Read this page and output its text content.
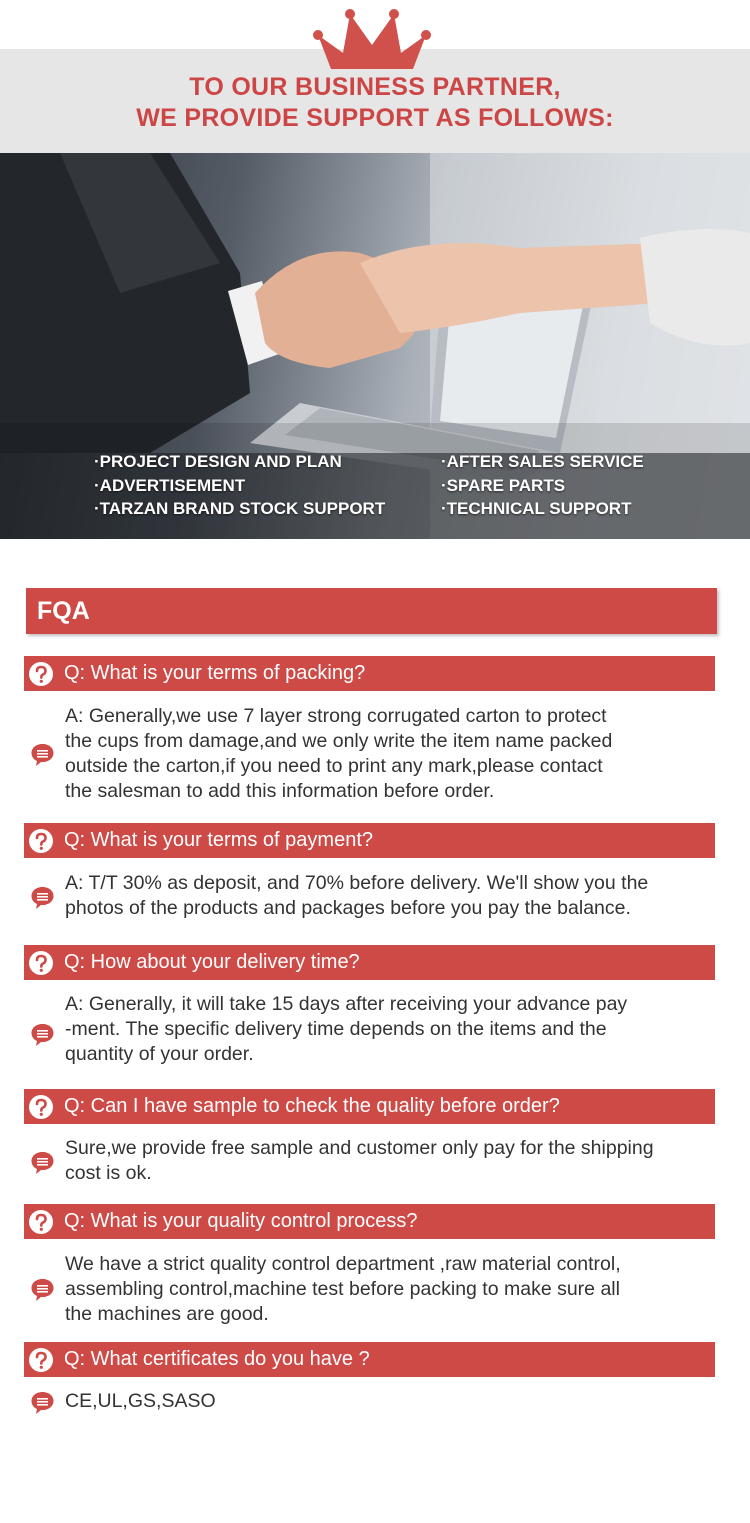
TO OUR BUSINESS PARTNER,
WE PROVIDE SUPPORT AS FOLLOWS:
·PROJECT DESIGN AND PLAN
·ADVERTISEMENT
·TARZAN BRAND STOCK SUPPORT
·AFTER SALES SERVICE
·SPARE PARTS
·TECHNICAL SUPPORT
FQA
Q: What is your terms of packing?
A: Generally,we use 7 layer strong corrugated carton to protect
the cups from damage,and we only write the item name packed
outside the carton,if you need to print any mark,please contact
the salesman to add this information before order.
Q: What is your terms of payment?
A: T/T 30% as deposit, and 70% before delivery. We'll show you the
photos of the products and packages before you pay the balance.
Q: How about your delivery time?
A: Generally, it will take 15 days after receiving your advance pay
-ment. The specific delivery time depends on the items and the
quantity of your order.
Q: Can I have sample to check the quality before order?
Sure,we provide free sample and customer only pay for the shipping
cost is ok.
Q: What is your quality control process?
We have a strict quality control department ,raw material control,
assembling control,machine test before packing to make sure all
the machines are good.
Q: What certificates do you have ?
CE,UL,GS,SASO
